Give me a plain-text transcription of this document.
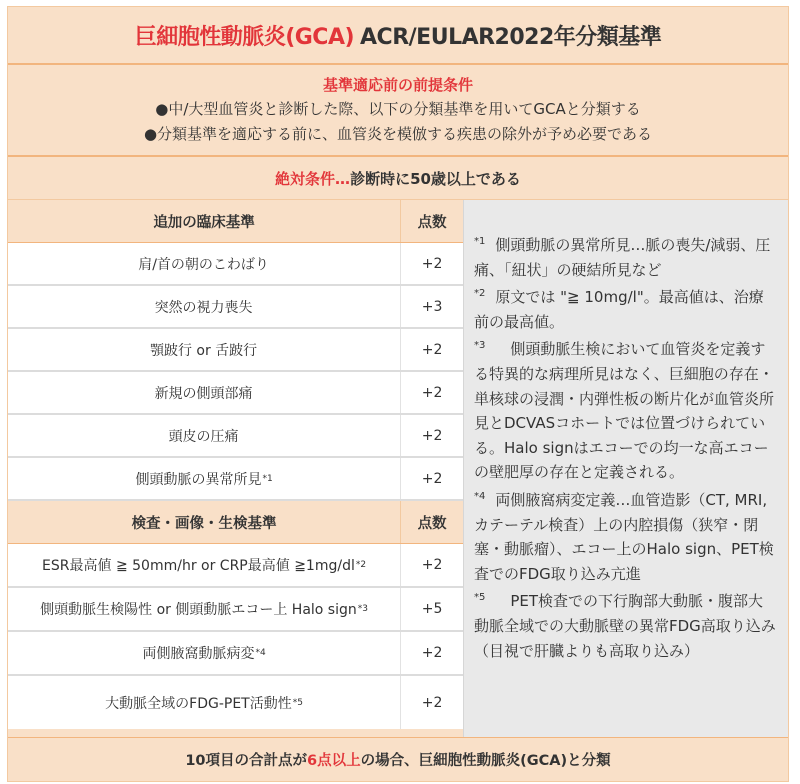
巨細胞性動脈炎(GCA) ACR/EULAR2022年分類基準
基準適応前の前提条件
●中/大型血管炎と診断した際、以下の分類基準を用いてGCAと分類する
●分類基準を適応する前に、血管炎を模倣する疾患の除外が予め必要である
絶対条件… 診断時に50歳以上である
追加の臨床基準	点数
肩/首の朝のこわばり	+2
突然の視力喪失	+3
顎跛行 or 舌跛行	+2
新規の側頭部痛	+2
頭皮の圧痛	+2
側頭動脈の異常所見 *1	+2
検査・画像・生検基準	点数
ESR最高値 ≧ 50mm/hr or CRP最高値 ≧1mg/dl *2	+2
側頭動脈生検陽性 or 側頭動脈エコー上 Halo sign *3	+5
両側腋窩動脈病変 *4	+2
大動脈全域のFDG-PET活動性 *5	+2
$^{*1}$ 側頭動脈の異常所見…脈の喪失/減弱、圧痛、「紐状」の硬結所見など
$^{*2}$ 原文では "≧ 10mg/l"。最高値は、治療前の最高値。
$^{*3}$　側頭動脈生検において血管炎を定義する特異的な病理所見はなく、巨細胞の存在・単核球の浸潤・内弾性板の断片化が血管炎所見とDCVASコホートでは位置づけられている。Halo signはエコーでの均一な高エコーの壁肥厚の存在と定義される。
$^{*4}$ 両側腋窩病変定義…血管造影（CT, MRI, カテーテル検査）上の内腔損傷（狭窄・閉塞・動脈瘤）、エコー上のHalo sign、PET検査でのFDG取り込み亢進
$^{*5}$　PET検査での下行胸部大動脈・腹部大動脈全域での大動脈壁の異常FDG高取り込み（目視で肝臓よりも高取り込み）
10項目の合計点が 6点以上 の場合、巨細胞性動脈炎(GCA)と分類
